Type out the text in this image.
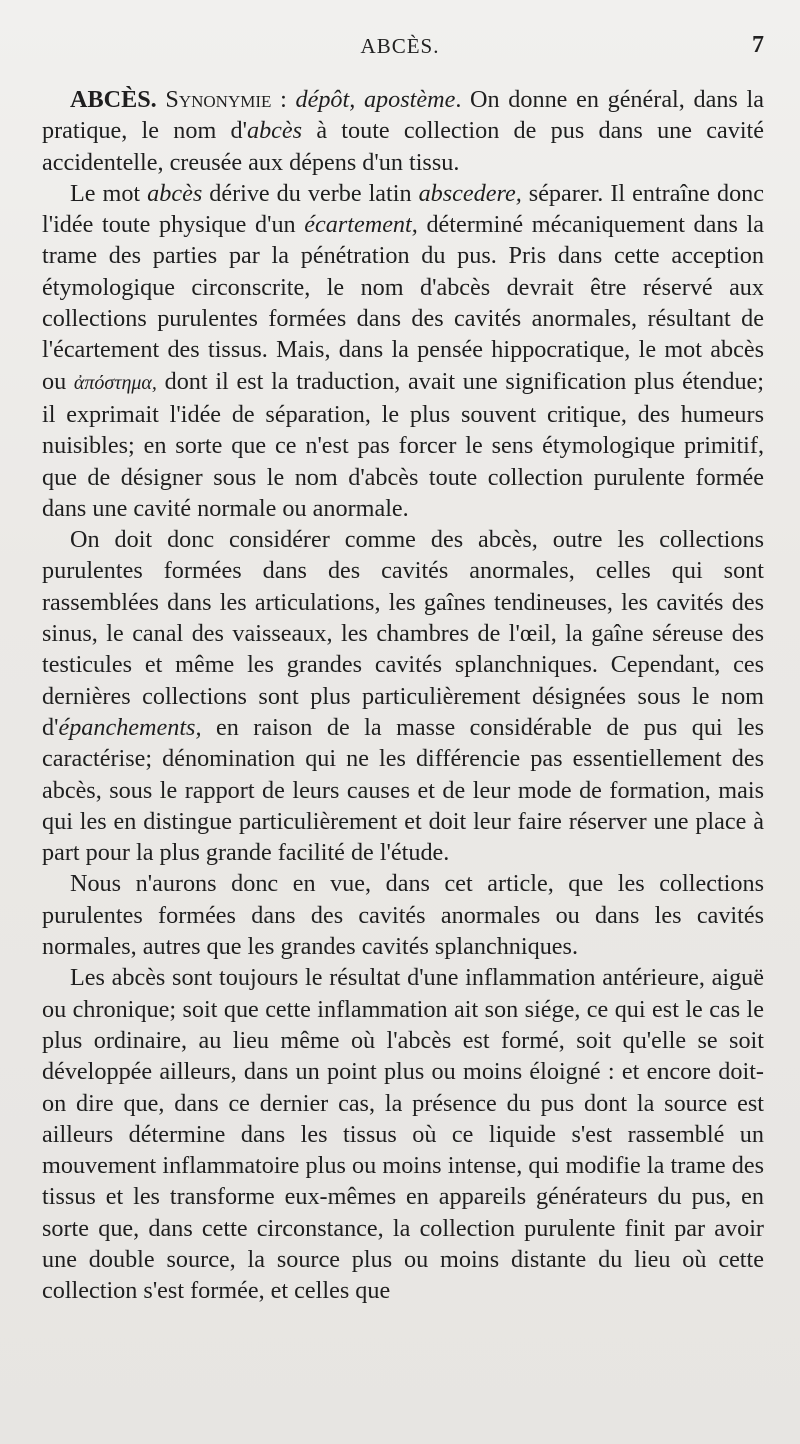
ABCÈS.	7

ABCÈS. Synonymie : dépôt, apostème. On donne en général, dans la pratique, le nom d'abcès à toute collection de pus dans une cavité accidentelle, creusée aux dépens d'un tissu.

Le mot abcès dérive du verbe latin abscedere, séparer. Il entraîne donc l'idée toute physique d'un écartement, déterminé mécaniquement dans la trame des parties par la pénétration du pus. Pris dans cette acception étymologique circonscrite, le nom d'abcès devrait être réservé aux collections purulentes formées dans des cavités anormales, résultant de l'écartement des tissus. Mais, dans la pensée hippocratique, le mot abcès ou ἀπόστημα, dont il est la traduction, avait une signification plus étendue; il exprimait l'idée de séparation, le plus souvent critique, des humeurs nuisibles; en sorte que ce n'est pas forcer le sens étymologique primitif, que de désigner sous le nom d'abcès toute collection purulente formée dans une cavité normale ou anormale.

On doit donc considérer comme des abcès, outre les collections purulentes formées dans des cavités anormales, celles qui sont rassemblées dans les articulations, les gaînes tendineuses, les cavités des sinus, le canal des vaisseaux, les chambres de l'œil, la gaîne séreuse des testicules et même les grandes cavités splanchniques. Cependant, ces dernières collections sont plus particulièrement désignées sous le nom d'épanchements, en raison de la masse considérable de pus qui les caractérise; dénomination qui ne les différencie pas essentiellement des abcès, sous le rapport de leurs causes et de leur mode de formation, mais qui les en distingue particulièrement et doit leur faire réserver une place à part pour la plus grande facilité de l'étude.

Nous n'aurons donc en vue, dans cet article, que les collections purulentes formées dans des cavités anormales ou dans les cavités normales, autres que les grandes cavités splanchniques.

Les abcès sont toujours le résultat d'une inflammation antérieure, aiguë ou chronique; soit que cette inflammation ait son siége, ce qui est le cas le plus ordinaire, au lieu même où l'abcès est formé, soit qu'elle se soit développée ailleurs, dans un point plus ou moins éloigné : et encore doit-on dire que, dans ce dernier cas, la présence du pus dont la source est ailleurs détermine dans les tissus où ce liquide s'est rassemblé un mouvement inflammatoire plus ou moins intense, qui modifie la trame des tissus et les transforme eux-mêmes en appareils générateurs du pus, en sorte que, dans cette circonstance, la collection purulente finit par avoir une double source, la source plus ou moins distante du lieu où cette collection s'est formée, et celles que
